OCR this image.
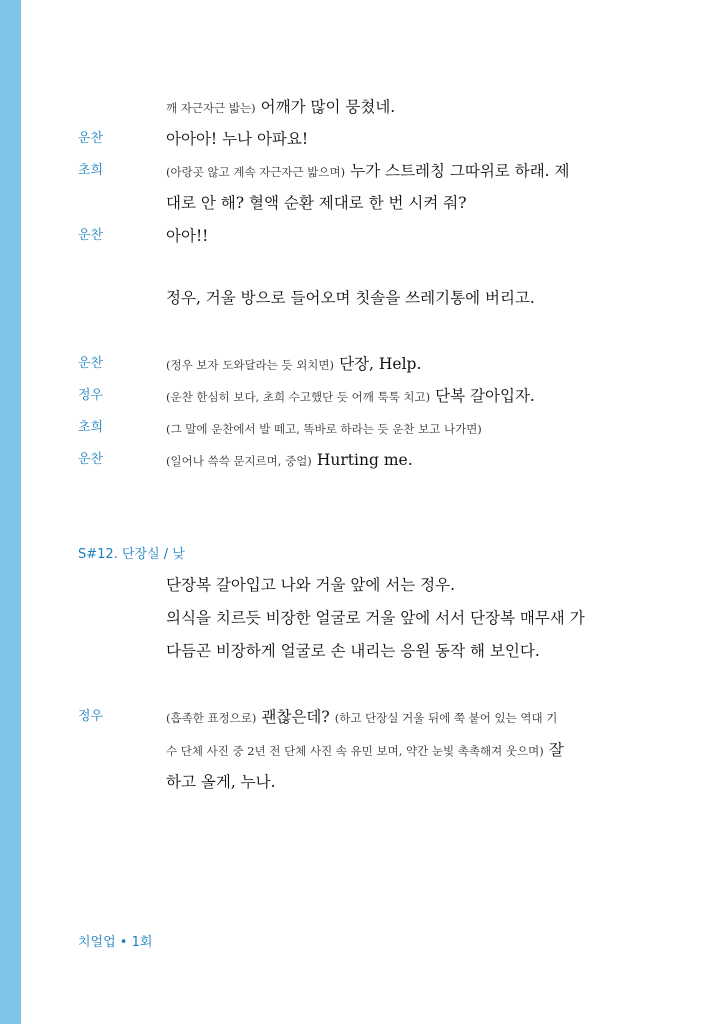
깨 자근자근 밟는) 어깨가 많이 뭉쳤네.
운찬	아아아! 누나 아파요!
초희	(아랑곳 않고 계속 자근자근 밟으며) 누가 스트레칭 그따위로 하래. 제
대로 안 해? 혈액 순환 제대로 한 번 시켜 줘?
운찬	아아!!
정우, 거울 방으로 들어오며 칫솔을 쓰레기통에 버리고.
운찬	(정우 보자 도와달라는 듯 외치면) 단장, Help.
정우	(운찬 한심히 보다, 초희 수고했단 듯 어깨 툭툭 치고) 단복 갈아입자.
초희	(그 말에 운찬에서 발 떼고, 똑바로 하라는 듯 운찬 보고 나가면)
운찬	(일어나 쓱쓱 문지르며, 중얼) Hurting me.
S#12. 단장실 / 낮
단장복 갈아입고 나와 거울 앞에 서는 정우.
의식을 치르듯 비장한 얼굴로 거울 앞에 서서 단장복 매무새 가
다듬곤 비장하게 얼굴로 손 내리는 응원 동작 해 보인다.
정우	(흡족한 표정으로) 괜찮은데? (하고 단장실 거울 뒤에 쭉 붙어 있는 역대 기
수 단체 사진 중 2년 전 단체 사진 속 유민 보며, 약간 눈빛 촉촉해져 웃으며) 잘
하고 올게, 누나.
치얼업 • 1회
